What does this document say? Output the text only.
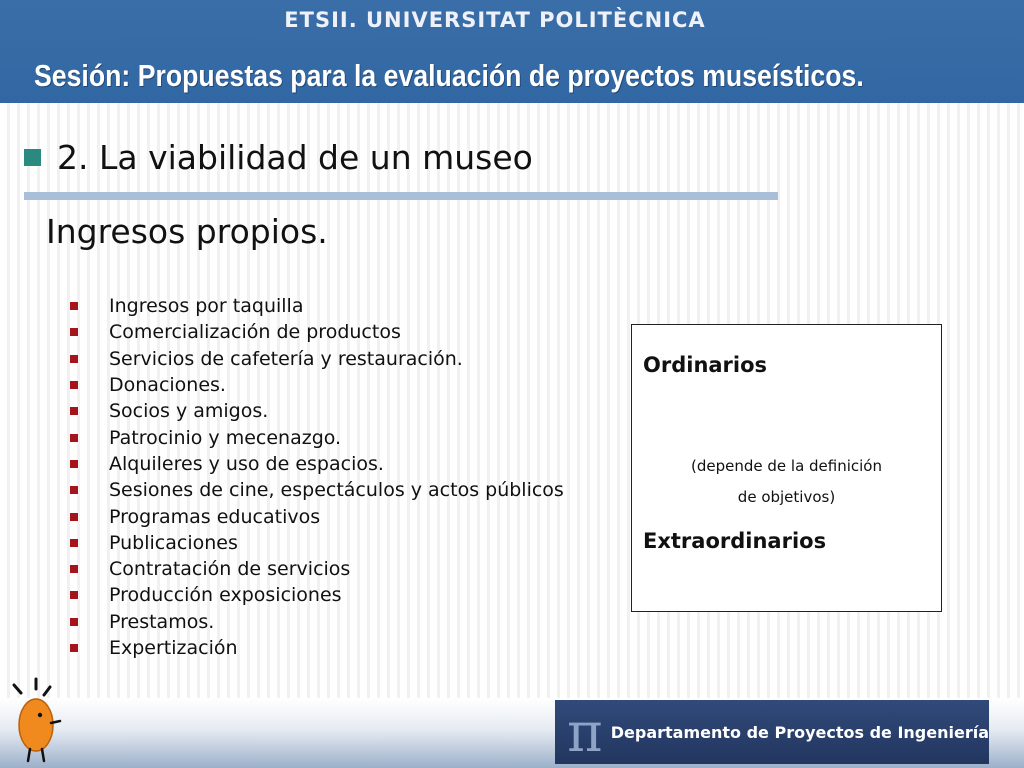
ETSII. UNIVERSITAT POLITÈCNICA
Sesión: Propuestas para la evaluación de proyectos museísticos.
2. La viabilidad de un museo
Ingresos propios.
Ingresos por taquilla
Comercialización de productos
Servicios de cafetería y restauración.
Donaciones.
Socios y amigos.
Patrocinio y mecenazgo.
Alquileres y uso de espacios.
Sesiones de cine, espectáculos y actos públicos
Programas educativos
Publicaciones
Contratación de servicios
Producción exposiciones
Prestamos.
Expertización
Ordinarios
(depende de la definición
de objetivos)
Extraordinarios
π Departamento de Proyectos de Ingeniería
